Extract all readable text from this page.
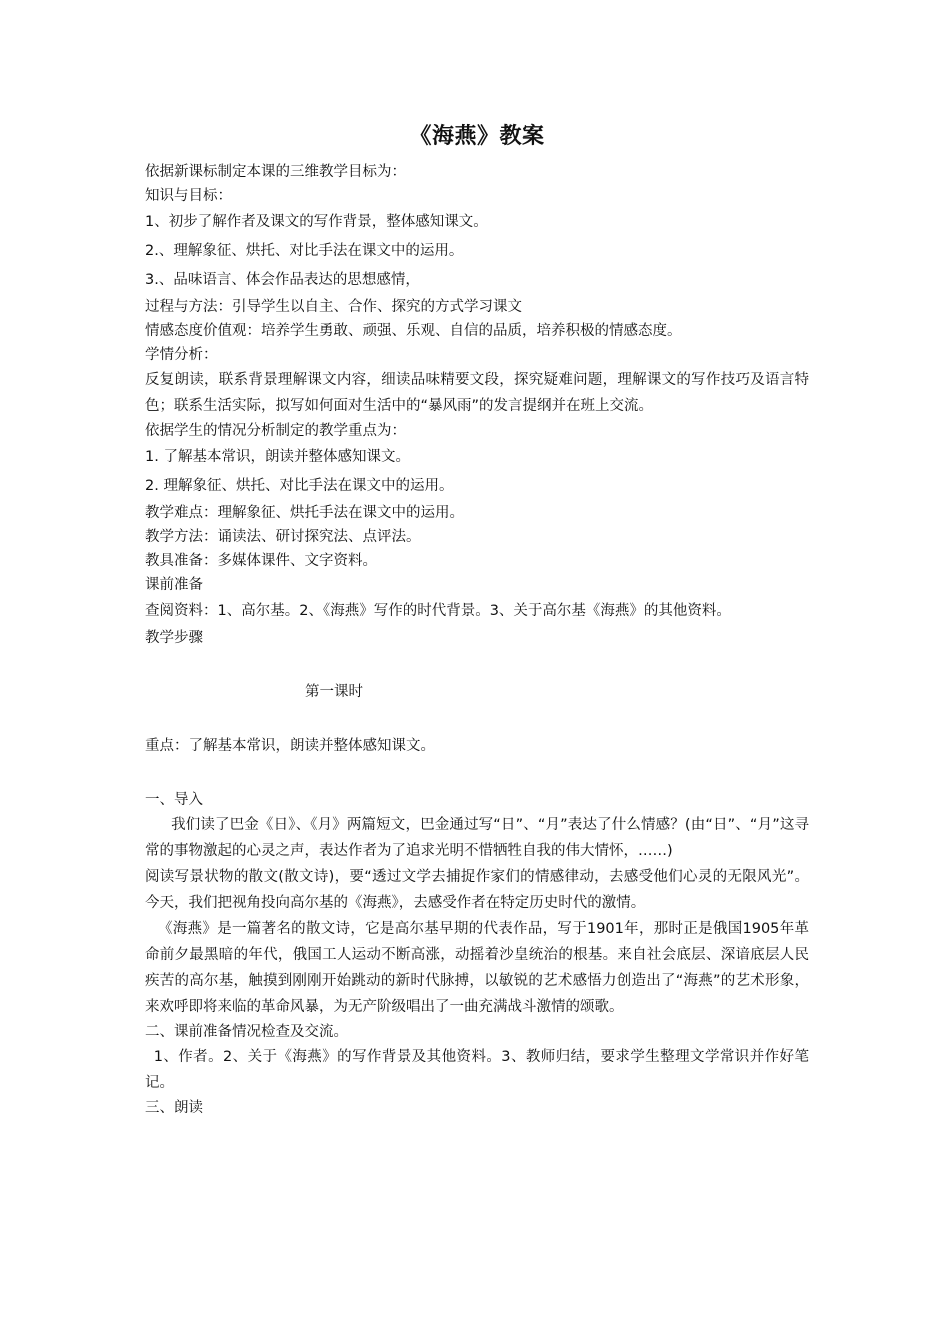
《海燕》教案

依据新课标制定本课的三维教学目标为：

知识与目标：

1、初步了解作者及课文的写作背景，整体感知课文。

2.、理解象征、烘托、对比手法在课文中的运用。

3.、品味语言、体会作品表达的思想感情，

过程与方法：引导学生以自主、合作、探究的方式学习课文

情感态度价值观：培养学生勇敢、顽强、乐观、自信的品质，培养积极的情感态度。

学情分析：

反复朗读，联系背景理解课文内容，细读品味精要文段，探究疑难问题，理解课文的写作技巧及语言特色；联系生活实际，拟写如何面对生活中的“暴风雨”的发言提纲并在班上交流。

依据学生的情况分析制定的教学重点为：

1. 了解基本常识，朗读并整体感知课文。

2. 理解象征、烘托、对比手法在课文中的运用。

教学难点：理解象征、烘托手法在课文中的运用。

教学方法：诵读法、研讨探究法、点评法。

教具准备：多媒体课件、文字资料。

课前准备

查阅资料：1、高尔基。2、《海燕》写作的时代背景。3、关于高尔基《海燕》的其他资料。

教学步骤

第一课时

重点：了解基本常识，朗读并整体感知课文。

一、导入

我们读了巴金《日》、《月》两篇短文，巴金通过写“日”、“月”表达了什么情感？(由“日”、“月”这寻常的事物激起的心灵之声，表达作者为了追求光明不惜牺牲自我的伟大情怀，……)

阅读写景状物的散文(散文诗)，要“透过文学去捕捉作家们的情感律动，去感受他们心灵的无限风光”。今天，我们把视角投向高尔基的《海燕》，去感受作者在特定历史时代的激情。

《海燕》是一篇著名的散文诗，它是高尔基早期的代表作品，写于1901年，那时正是俄国1905年革命前夕最黑暗的年代，俄国工人运动不断高涨，动摇着沙皇统治的根基。来自社会底层、深谙底层人民疾苦的高尔基，触摸到刚刚开始跳动的新时代脉搏，以敏锐的艺术感悟力创造出了“海燕”的艺术形象，来欢呼即将来临的革命风暴，为无产阶级唱出了一曲充满战斗激情的颂歌。

二、课前准备情况检查及交流。

1、作者。2、关于《海燕》的写作背景及其他资料。3、教师归结，要求学生整理文学常识并作好笔记。

三、朗读
